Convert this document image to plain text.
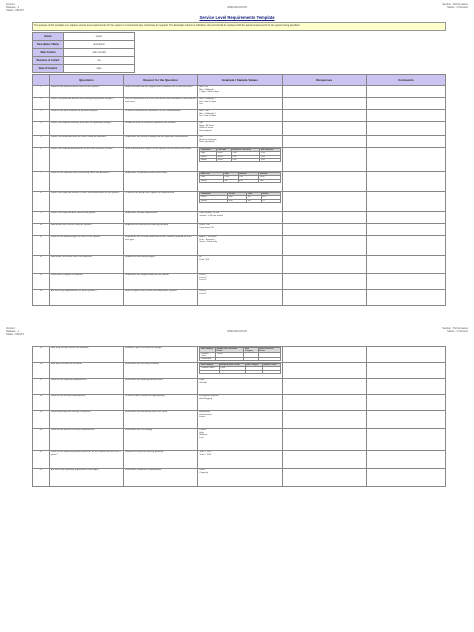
Version :
Release : 1
Status : DRAFT
SPECIFICATION
Section : Performance
Status : In Review
Service Level Requirements Template
The purpose of this template is to capture service level requirements for the system in a structured way. Customise as required. The Examples column is indicative only and should be replaced with the actual requirements for the system being specified.
Owner	owner
Description / Name	description
Main Contact	main contact
Business of contact	n/a
Date of Creation	date
	Questions	Reason for the Question	Example / Sample Values	Responses	Comments
1	What are the main business hours for the system?	Need to ensure that the support team schedules are in line with hours.	Mon - Fri
Mon - Midnight
7 days - 8am to 6pm		
2	What is the preferred timeslot for installing any planned outages?	Plan for maintenance at a time that will be least disruptive to the business and users.	Mon - Midnight 2
Sat - 6am to 6pm
Sat		
3	What are the time windows for planned outages?	To ensure maintenance downtime can be accommodated.	Mon - Sat
Mon - Midnight 2
Sat - 6am to 6pm		
4	What is the required recovery time after an unplanned outage?	Decide the level of resiliency required in the solution.	Sat
None: 24 hours
Within 4 hours
Not required		
5	What is the maximum data loss which could be tolerated?	Determines the backup strategy and the replication requirements.	Sat
Must be minimum
None permitted		
6	What is the required performance for the user interface screens?	Need to know these targets so the system can be built to meet them.		Transaction	Peak Rate	Response Time (95%)	Max Response
Login	100/hr	2 sec	5 sec
Search	500/hr	3 sec	8 sec
Update	200/hr	2 sec	6 sec

7	What are the required batch processing times and deadlines?	Determines scheduling of batch processing.		Batch Job	Start	Duration	Deadline
Daily	22:00	2 hrs	06:00
Weekly	Sat	4 hrs	Mon

8	What is the expected volume of users and transactions for the system?	To ensure the design will support the required load.		Transaction	Volume	Peak	Growth
Orders	1000	200	10%
Queries	5000	800	5%

9	What is the expected data volume and growth?	Determines storage requirements.	Data volume: 10 GB
Growth: 1 GB per month		
10	How many users will be using the system?	Required for licensing and capacity planning.	Users: 200
Concurrent: 50		
11	What are the different types of users of the system?	Determines the security model and access controls required for each user type.	Admin - Technical
User - Business
Guest - Read only		
12	How many concurrent users are expected?	Needed for load testing targets.	50
Peak: 100		
13	What level of support is required?	Determines the support model for the system.	Level 1
Level 2
Level 3		
14	Are there any dependencies on other systems?	Need to agree service levels with dependent systems.	Level 1
Level 2		
Version :
Release : 1
Status : DRAFT
SPECIFICATION
Section : Performance
Status : In Review
15	How long will data need to be retained?	Needed to plan archiving and storage.		Data Category	Sample Data / Retention Period	Data Category	Online Retention Period
Customer Orders	7 years		
Transactions			

16	How often will data be archived?	Determines the archiving schedule.		Data Category	Sample Archive Period	Data Category	Archive Period
Customer Orders	1 year		

17	What are the reporting requirements?	Determines the reporting infrastructure.	Daily
Weekly		
18	What are the security requirements?	To ensure data is protected appropriately.	Encryption required
Audit logging		
19	What monitoring and alerting is required?	Determines the monitoring tools to be used.	Availability
Performance
Errors		
20	What are the disaster recovery requirements?	Determines the DR strategy.	Critical
High
Medium
Low		
21	What are the expected growth projections for the system over the next 3 years?	Needed for long term capacity planning.	Year 1: 10%
Year 2: 20%		
22	Are there any regulatory requirements that apply?	Determines compliance requirements.	Users
Capacity		
